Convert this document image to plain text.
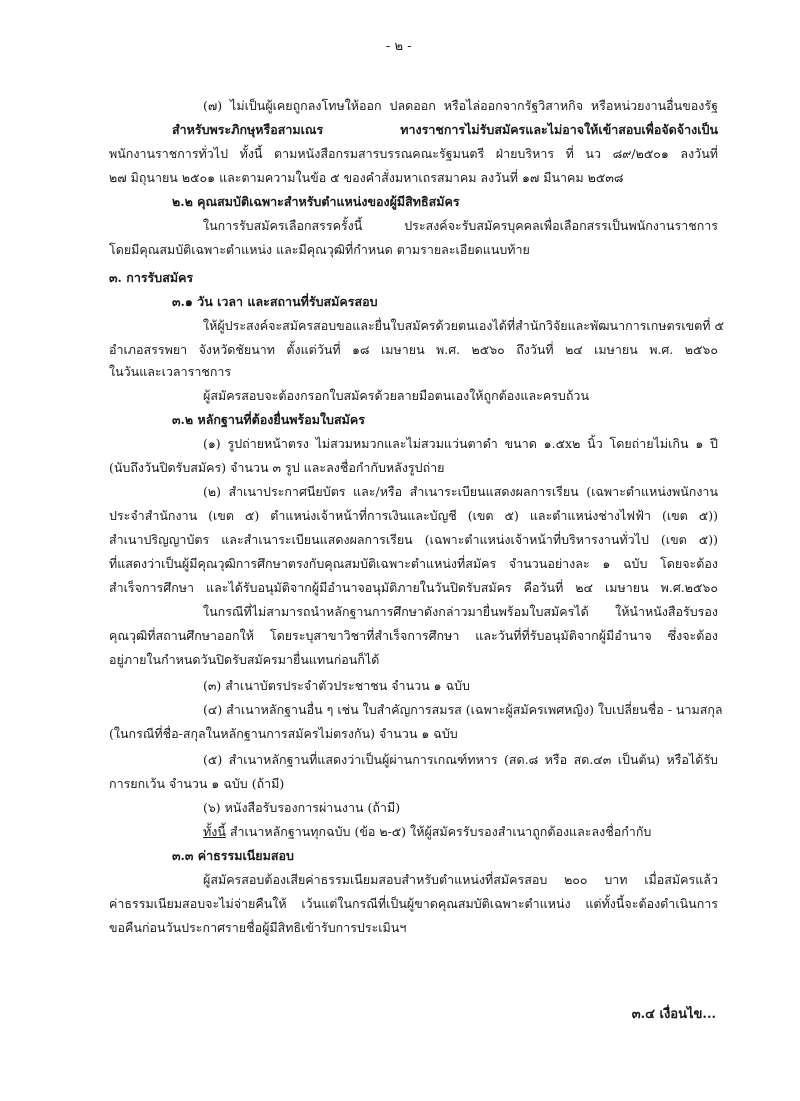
- ๒ -
(๗) ไม่เป็นผู้เคยถูกลงโทษให้ออก ปลดออก หรือไล่ออกจากรัฐวิสาหกิจ หรือหน่วยงานอื่นของรัฐ
สำหรับพระภิกษุหรือสามเณร ทางราชการไม่รับสมัครและไม่อาจให้เข้าสอบเพื่อจัดจ้างเป็น
พนักงานราชการทั่วไป ทั้งนี้ ตามหนังสือกรมสารบรรณคณะรัฐมนตรี ฝ่ายบริหาร ที่ นว ๘๙/๒๕๐๑ ลงวันที่
๒๗ มิถุนายน ๒๕๐๑ และตามความในข้อ ๕ ของคำสั่งมหาเถรสมาคม ลงวันที่ ๑๗ มีนาคม ๒๕๓๘
๒.๒ คุณสมบัติเฉพาะสำหรับตำแหน่งของผู้มีสิทธิสมัคร
ในการรับสมัครเลือกสรรครั้งนี้ ประสงค์จะรับสมัครบุคคลเพื่อเลือกสรรเป็นพนักงานราชการ
โดยมีคุณสมบัติเฉพาะตำแหน่ง และมีคุณวุฒิที่กำหนด ตามรายละเอียดแนบท้าย
๓. การรับสมัคร
๓.๑ วัน เวลา และสถานที่รับสมัครสอบ
ให้ผู้ประสงค์จะสมัครสอบขอและยื่นใบสมัครด้วยตนเองได้ที่สำนักวิจัยและพัฒนาการเกษตรเขตที่ ๕
อำเภอสรรพยา จังหวัดชัยนาท ตั้งแต่วันที่ ๑๘ เมษายน พ.ศ. ๒๕๖๐ ถึงวันที่ ๒๔ เมษายน พ.ศ. ๒๕๖๐
ในวันและเวลาราชการ
ผู้สมัครสอบจะต้องกรอกใบสมัครด้วยลายมือตนเองให้ถูกต้องและครบถ้วน
๓.๒ หลักฐานที่ต้องยื่นพร้อมใบสมัคร
(๑) รูปถ่ายหน้าตรง ไม่สวมหมวกและไม่สวมแว่นตาดำ ขนาด ๑.๕x๒ นิ้ว โดยถ่ายไม่เกิน ๑ ปี
(นับถึงวันปิดรับสมัคร) จำนวน ๓ รูป และลงชื่อกำกับหลังรูปถ่าย
(๒) สำเนาประกาศนียบัตร และ/หรือ สำเนาระเบียนแสดงผลการเรียน (เฉพาะตำแหน่งพนักงาน
ประจำสำนักงาน (เขต ๕) ตำแหน่งเจ้าหน้าที่การเงินและบัญชี (เขต ๕) และตำแหน่งช่างไฟฟ้า (เขต ๕))
สำเนาปริญญาบัตร และสำเนาระเบียนแสดงผลการเรียน (เฉพาะตำแหน่งเจ้าหน้าที่บริหารงานทั่วไป (เขต ๕))
ที่แสดงว่าเป็นผู้มีคุณวุฒิการศึกษาตรงกับคุณสมบัติเฉพาะตำแหน่งที่สมัคร จำนวนอย่างละ ๑ ฉบับ โดยจะต้อง
สำเร็จการศึกษา และได้รับอนุมัติจากผู้มีอำนาจอนุมัติภายในวันปิดรับสมัคร คือวันที่ ๒๔ เมษายน พ.ศ.๒๕๖๐
ในกรณีที่ไม่สามารถนำหลักฐานการศึกษาดังกล่าวมายื่นพร้อมใบสมัครได้ ให้นำหนังสือรับรอง
คุณวุฒิที่สถานศึกษาออกให้ โดยระบุสาขาวิชาที่สำเร็จการศึกษา และวันที่ที่รับอนุมัติจากผู้มีอำนาจ ซึ่งจะต้อง
อยู่ภายในกำหนดวันปิดรับสมัครมายื่นแทนก่อนก็ได้
(๓) สำเนาบัตรประจำตัวประชาชน จำนวน ๑ ฉบับ
(๔) สำเนาหลักฐานอื่น ๆ เช่น ใบสำคัญการสมรส (เฉพาะผู้สมัครเพศหญิง) ใบเปลี่ยนชื่อ - นามสกุล
(ในกรณีที่ชื่อ-สกุลในหลักฐานการสมัครไม่ตรงกัน) จำนวน ๑ ฉบับ
(๕) สำเนาหลักฐานที่แสดงว่าเป็นผู้ผ่านการเกณฑ์ทหาร (สด.๘ หรือ สด.๔๓ เป็นต้น) หรือได้รับ
การยกเว้น จำนวน ๑ ฉบับ (ถ้ามี)
(๖) หนังสือรับรองการผ่านงาน (ถ้ามี)
ทั้งนี้ สำเนาหลักฐานทุกฉบับ (ข้อ ๒-๕) ให้ผู้สมัครรับรองสำเนาถูกต้องและลงชื่อกำกับ
๓.๓ ค่าธรรมเนียมสอบ
ผู้สมัครสอบต้องเสียค่าธรรมเนียมสอบสำหรับตำแหน่งที่สมัครสอบ ๒๐๐ บาท เมื่อสมัครแล้ว
ค่าธรรมเนียมสอบจะไม่จ่ายคืนให้ เว้นแต่ในกรณีที่เป็นผู้ขาดคุณสมบัติเฉพาะตำแหน่ง แต่ทั้งนี้จะต้องดำเนินการ
ขอคืนก่อนวันประกาศรายชื่อผู้มีสิทธิเข้ารับการประเมินฯ
๓.๔ เงื่อนไข...
